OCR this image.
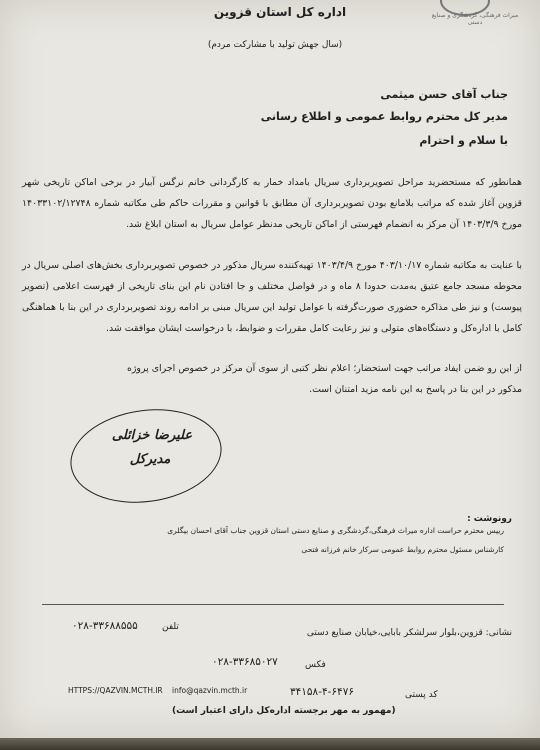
میراث فرهنگی، گردشگری و صنایع دستی
اداره کل استان قزوین
(سال جهش تولید با مشارکت مردم)
جناب آقای حسن میثمی
مدیر کل محترم روابط عمومی و اطلاع رسانی
با سلام و احترام
همانطور که مستحضرید مراحل تصویربرداری سریال بامداد خمار به کارگردانی خانم نرگس آبیار در برخی اماکن تاریخی شهر قزوین آغاز شده که مراتب بلامانع بودن تصویربرداری آن مطابق با قوانین و مقررات حاکم طی مکاتبه شماره ۱۴۰۳۳۱۰۲/۱۲۷۴۸ مورخ ۱۴۰۳/۳/۹ آن مرکز به انضمام فهرستی از اماکن تاریخی مدنظر عوامل سریال به استان ابلاغ شد.
با عنایت به مکاتبه شماره ۴۰۳/۱۰/۱۷ مورخ ۱۴۰۳/۴/۹ تهیه‌کننده سریال مذکور در خصوص تصویربرداری بخش‌های اصلی سریال در محوطه مسجد جامع عتیق به‌مدت حدودا ۸ ماه و در فواصل مختلف و جا افتادن نام این بنای تاریخی از فهرست اعلامی (تصویر پیوست) و نیز طی مذاکره حضوری صورت‌گرفته با عوامل تولید این سریال مبنی بر ادامه روند تصویربرداری در این بنا با هماهنگی کامل با اداره‌کل و دستگاه‌های متولی و نیز رعایت کامل مقررات و ضوابط، با درخواست ایشان موافقت شد.
از این رو ضمن ایفاد مراتب جهت استحضار؛ اعلام نظر کتبی از سوی آن مرکز در خصوص اجرای پروژه
مذکور در این بنا در پاسخ به این نامه مزید امتنان است.
علیرضا خزائلی
مدیرکل
رونوشت :
رییس محترم حراست اداره میراث فرهنگی،گردشگری و صنایع دستی استان قزوین جناب آقای احسان بیگلری
کارشناس مسئول محترم روابط عمومی سرکار خانم فرزانه فتحی
نشانی: قزوین،بلوار سرلشکر بابایی،خیابان صنایع دستی
تلفن
۰۲۸-۳۳۶۸۸۵۵۵
فکس
۰۲۸-۳۳۶۸۵۰۲۷
کد پستی
۳۴۱۵۸-۴-۶۴۷۶
HTTPS://QAZVIN.MCTH.IR info@qazvin.mcth.ir
(مهمور به مهر برجسته اداره‌کل دارای اعتبار است)
